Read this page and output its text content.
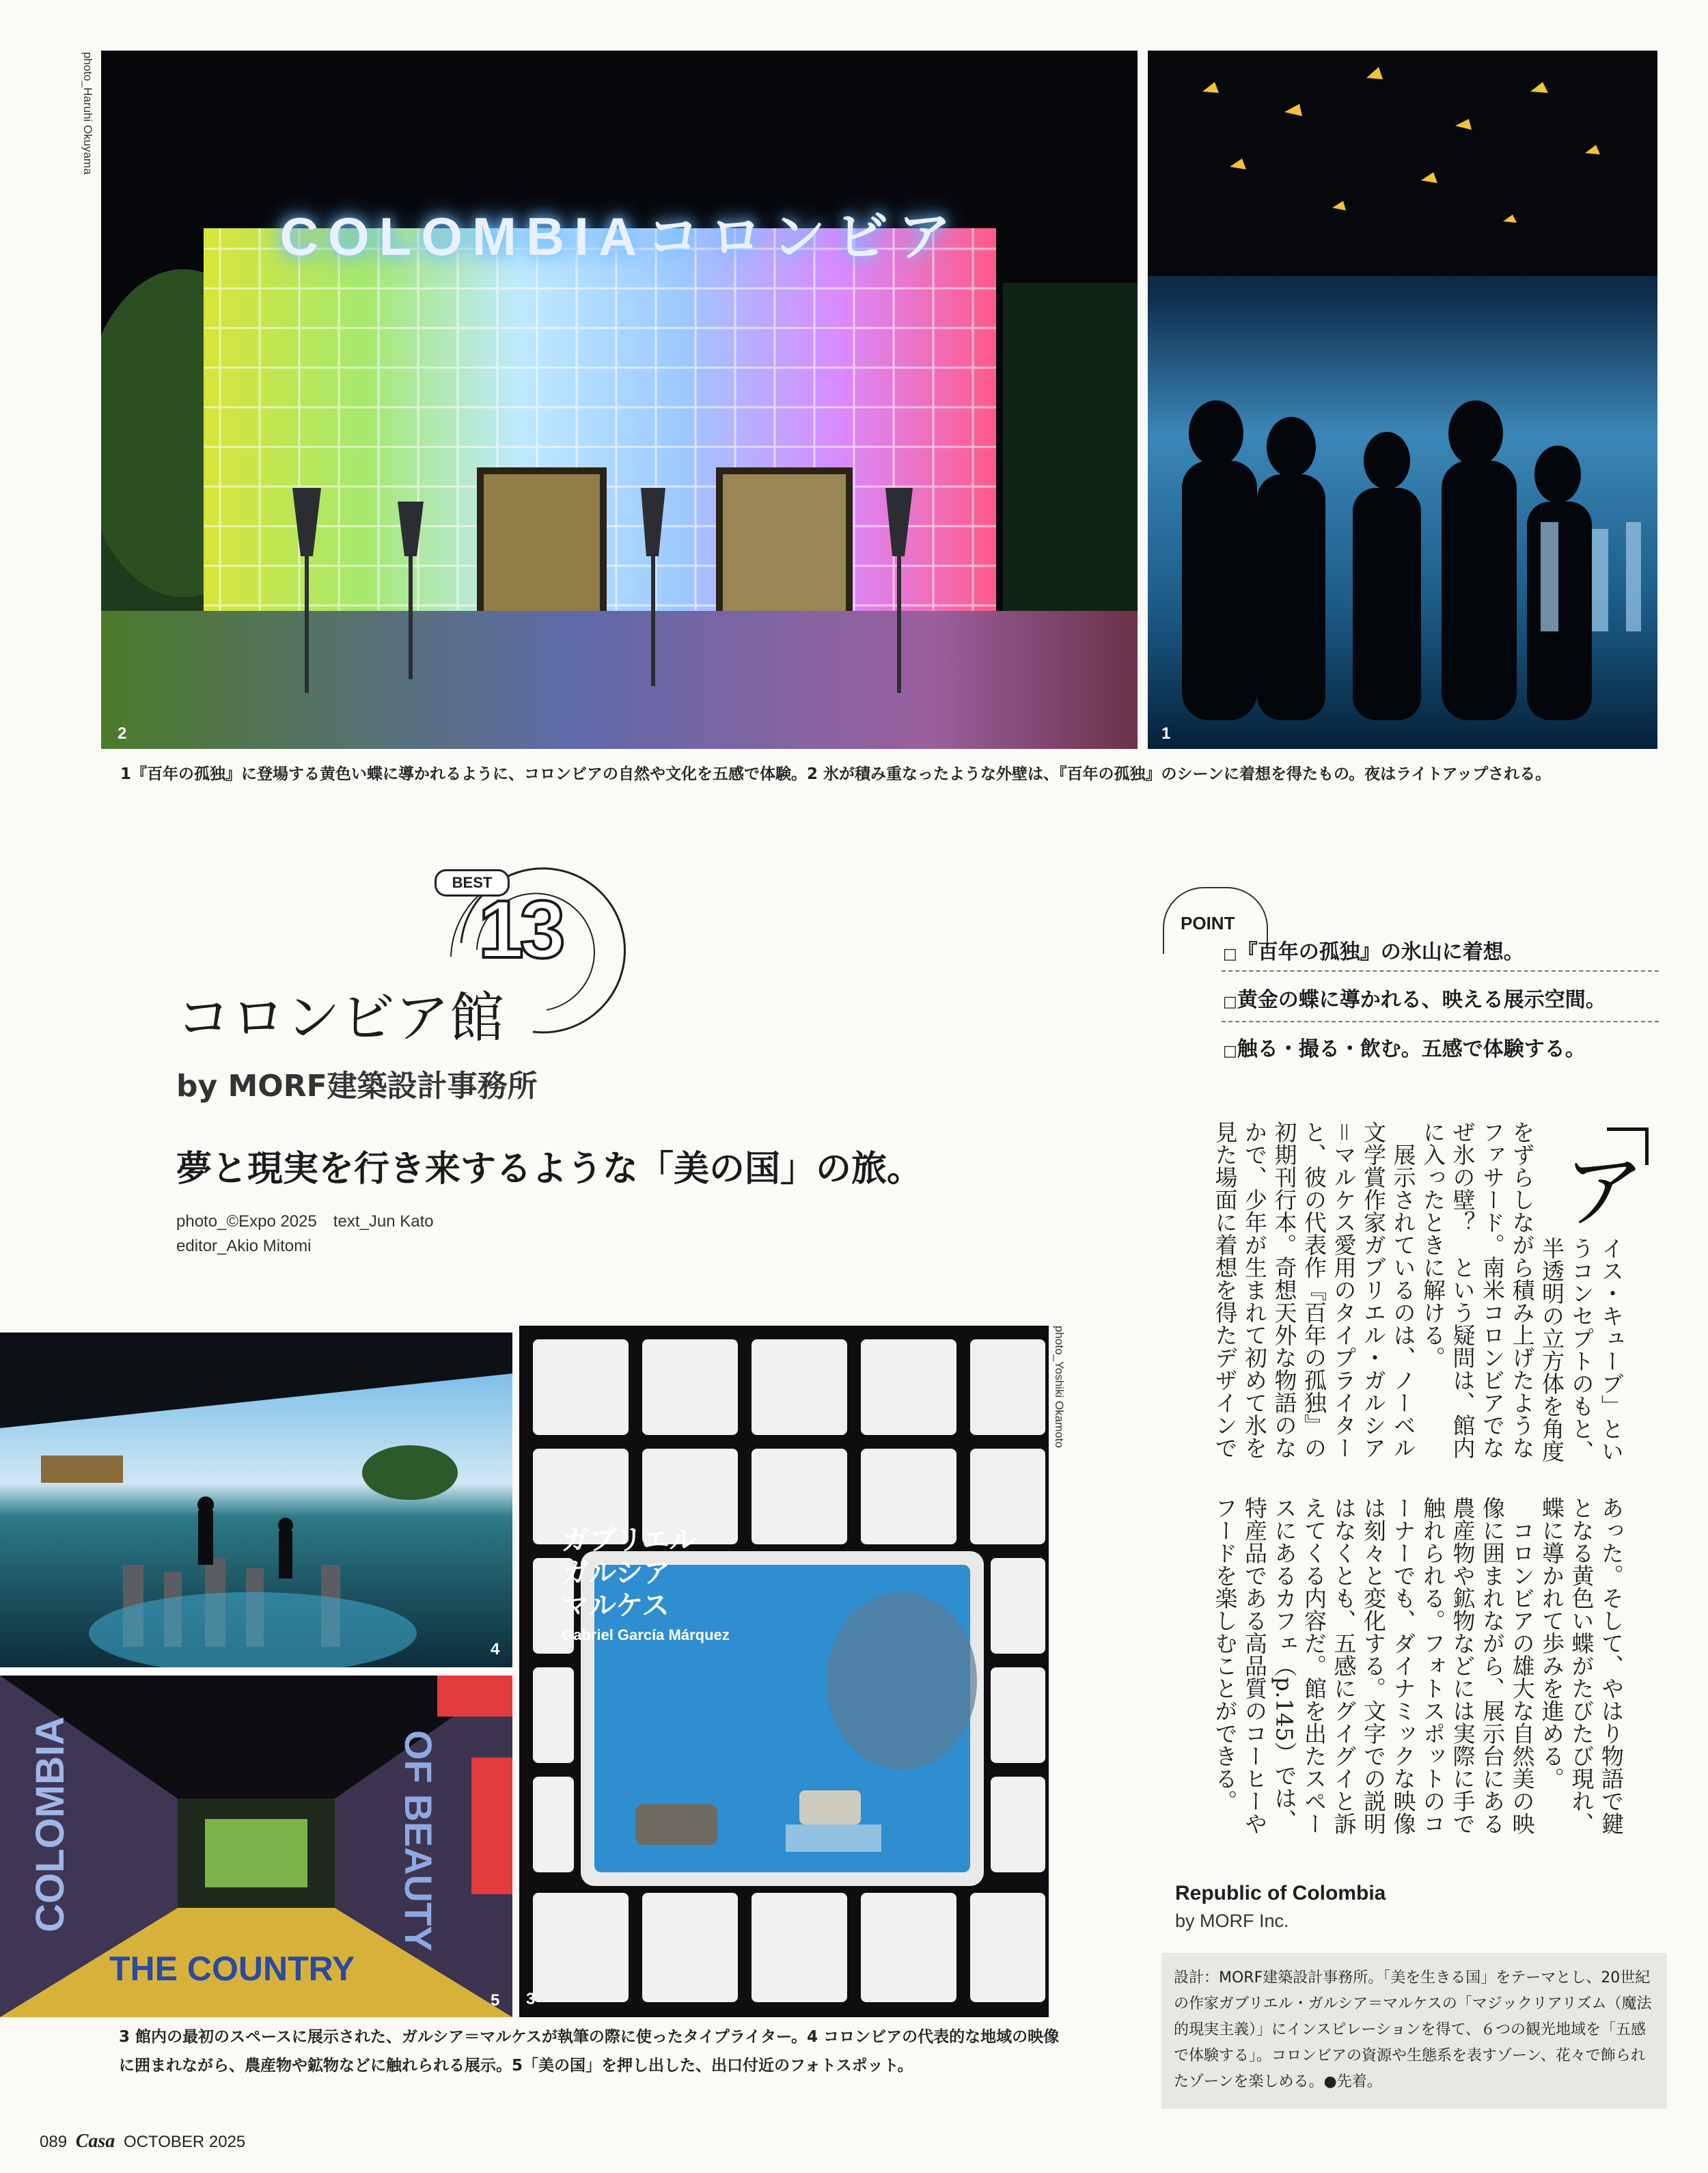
photo_Haruhi Okuyama
COLOMBIAコロンビア
2	1
1『百年の孤独』に登場する黄色い蝶に導かれるように、コロンビアの自然や文化を五感で体験。2 氷が積み重なったような外壁は、『百年の孤独』のシーンに着想を得たもの。夜はライトアップされる。
BEST
13
コロンビア館
by MORF建築設計事務所
夢と現実を行き来するような「美の国」の旅。
photo_©Expo 2025　text_Jun Kato
editor_Akio Mitomi
POINT
□『百年の孤独』の氷山に着想。
□黄金の蝶に導かれる、映える展示空間。
□触る・撮る・飲む。五感で体験する。
ア
イス・キューブ」とい
うコンセプトのもと、
半透明の立方体を角度
をずらしながら積み上げたような
ファサード。南米コロンビアでな
ぜ氷の壁？　という疑問は、館内
に入ったときに解ける。
　展示されているのは、ノーベル
文学賞作家ガブリエル・ガルシア
＝マルケス愛用のタイプライター
と、彼の代表作『百年の孤独』の
初期刊行本。奇想天外な物語のな
かで、少年が生まれて初めて氷を
見た場面に着想を得たデザインで
あった。そして、やはり物語で鍵
となる黄色い蝶がたびたび現れ、
蝶に導かれて歩みを進める。
　コロンビアの雄大な自然美の映
像に囲まれながら、展示台にある
農産物や鉱物などには実際に手で
触れられる。フォトスポットのコ
ーナーでも、ダイナミックな映像
は刻々と変化する。文字での説明
はなくとも、五感にグイグイと訴
えてくる内容だ。館を出たスペー
スにあるカフェ（p.145）では、
特産品である高品質のコーヒーや
フードを楽しむことができる。
Republic of Colombia
by MORF Inc.
設計：MORF建築設計事務所。「美を生きる国」をテーマとし、20世紀の作家ガブリエル・ガルシア＝マルケスの「マジックリアリズム（魔法的現実主義）」にインスピレーションを得て、６つの観光地域を「五感で体験する」。コロンビアの資源や生態系を表すゾーン、花々で飾られたゾーンを楽しめる。●先着。
4
COLOMBIA
THE COUNTRY
OF BEAUTY
5
ガブリエル
ガルシア
マルケス
Gabriel García Márquez
3
photo_Yoshiki Okamoto
3 館内の最初のスペースに展示された、ガルシア＝マルケスが執筆の際に使ったタイプライター。4 コロンビアの代表的な地域の映像に囲まれながら、農産物や鉱物などに触れられる展示。5「美の国」を押し出した、出口付近のフォトスポット。
089 Casa OCTOBER 2025
